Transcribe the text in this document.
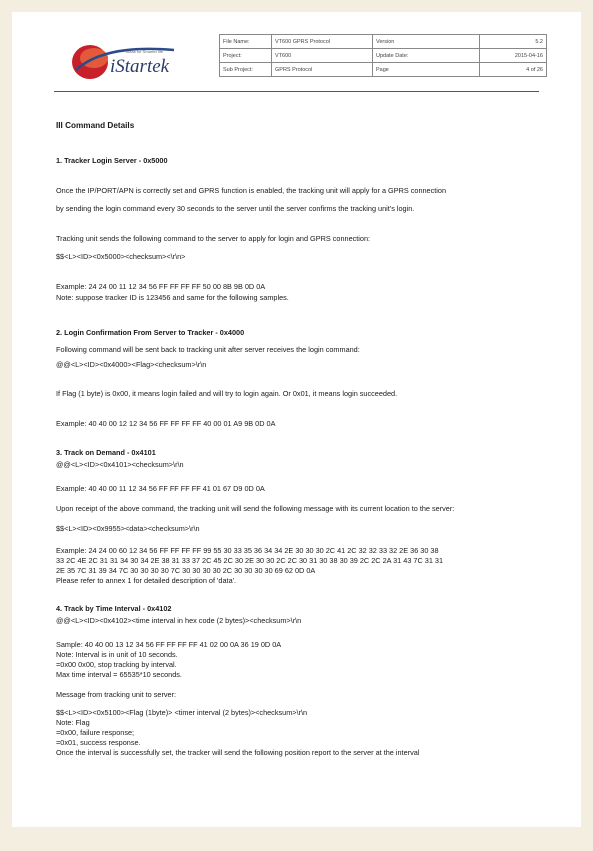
iStartek
Ideas for Smarter life
File Name:	VT600 GPRS Protocol	Version	5.2
Project:	VT600	Update Date:	2015-04-16
Sub Project:	GPRS Protocol	Page	4 of 26
III Command Details
1. Tracker Login Server - 0x5000
Once the IP/PORT/APN is correctly set and GPRS function is enabled, the tracking unit will apply for a GPRS connection
by sending the login command every 30 seconds to the server until the server confirms the tracking unit's login.
Tracking unit sends the following command to the server to apply for login and GPRS connection:
$$<L><ID><0x5000><checksum><\r\n>
Example: 24 24 00 11 12 34 56 FF FF FF FF 50 00 8B 9B 0D 0A
Note: suppose tracker ID is 123456 and same for the following samples.
2. Login Confirmation From Server to Tracker - 0x4000
Following command will be sent back to tracking unit after server receives the login command:
@@<L><ID><0x4000><Flag><checksum>\r\n
If Flag (1 byte) is 0x00, it means login failed and will try to login again. Or 0x01, it means login succeeded.
Example: 40 40 00 12 12 34 56 FF FF FF FF 40 00 01 A9 9B 0D 0A
3. Track on Demand - 0x4101
@@<L><ID><0x4101><checksum>\r\n
Example: 40 40 00 11 12 34 56 FF FF FF FF 41 01 67 D9 0D 0A
Upon receipt of the above command, the tracking unit will send the following message with its current location to the server:
$$<L><ID><0x9955><data><checksum>\r\n
Example: 24 24 00 60 12 34 56 FF FF FF FF 99 55 30 33 35 36 34 34 2E 30 30 30 2C 41 2C 32 32 33 32 2E 36 30 38
33 2C 4E 2C 31 31 34 30 34 2E 38 31 33 37 2C 45 2C 30 2E 30 30 2C 2C 30 31 30 38 30 39 2C 2C 2A 31 43 7C 31 31
2E 35 7C 31 39 34 7C 30 30 30 30 7C 30 30 30 30 2C 30 30 30 30 69 62 0D 0A
Please refer to annex 1 for detailed description of 'data'.
4. Track by Time Interval - 0x4102
@@<L><ID><0x4102><time interval in hex code (2 bytes)><checksum>\r\n
Sample: 40 40 00 13 12 34 56 FF FF FF FF 41 02 00 0A 36 19 0D 0A
Note: Interval is in unit of 10 seconds.
=0x00 0x00, stop tracking by interval.
Max time interval = 65535*10 seconds.
Message from tracking unit to server:
$$<L><ID><0x5100><Flag (1byte)> <timer interval (2 bytes)><checksum>\r\n
Note: Flag
=0x00, failure response;
=0x01, success response.
Once the interval is successfully set, the tracker will send the following position report to the server at the interval
